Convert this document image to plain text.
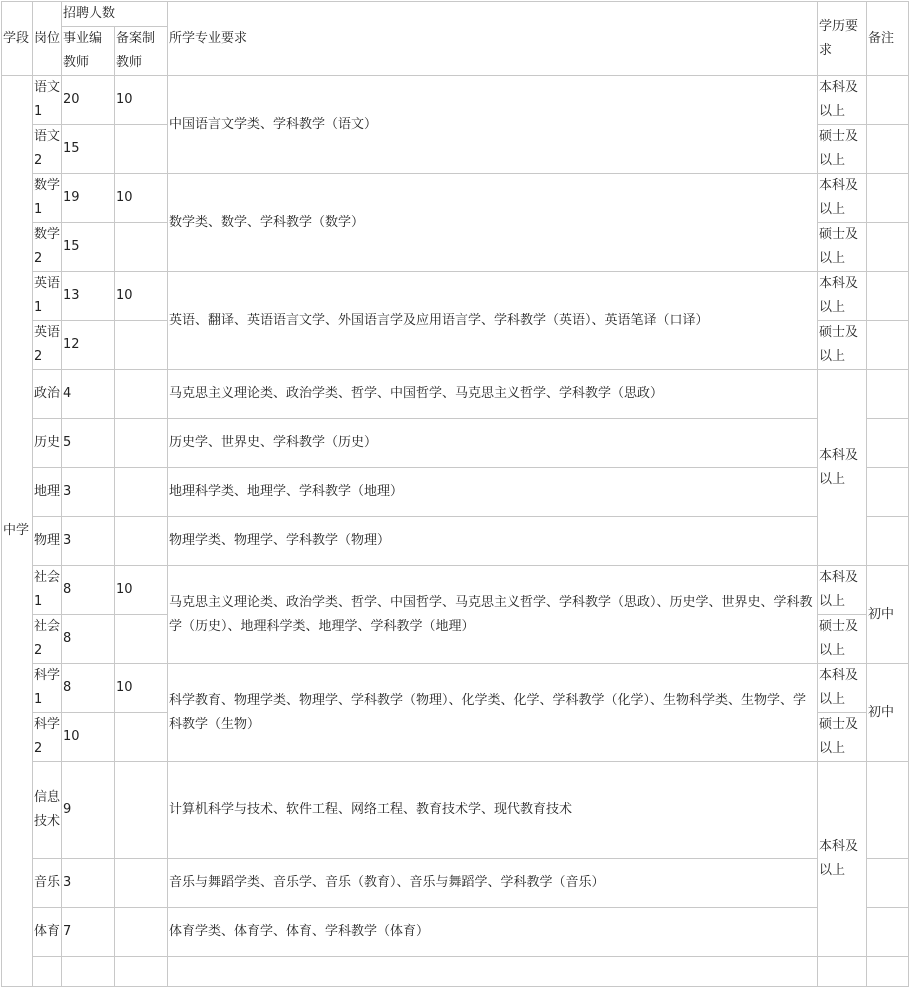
学段	岗位	招聘人数		所学专业要求	学历要求	备注
		事业编教师	备案制教师			

中学	语文1	20	10	中国语言文学类、学科教学（语文）	本科及以上	
	语文2	15			硕士及以上	
	数学1	19	10	数学类、数学、学科教学（数学）	本科及以上	
	数学2	15			硕士及以上	
	英语1	13	10	英语、翻译、英语语言文学、外国语言学及应用语言学、学科教学（英语）、英语笔译（口译）	本科及以上	
	英语2	12			硕士及以上	
	政治	4		马克思主义理论类、政治学类、哲学、中国哲学、马克思主义哲学、学科教学（思政）	本科及以上	
	历史	5		历史学、世界史、学科教学（历史）		
	地理	3		地理科学类、地理学、学科教学（地理）		
	物理	3		物理学类、物理学、学科教学（物理）		
	社会1	8	10	马克思主义理论类、政治学类、哲学、中国哲学、马克思主义哲学、学科教学（思政）、历史学、世界史、学科教学（历史）、地理科学类、地理学、学科教学（地理）	本科及以上	初中
	社会2	8			硕士及以上	
	科学1	8	10	科学教育、物理学类、物理学、学科教学（物理）、化学类、化学、学科教学（化学）、生物科学类、生物学、学科教学（生物）	本科及以上	初中
	科学2	10			硕士及以上	
	信息技术	9		计算机科学与技术、软件工程、网络工程、教育技术学、现代教育技术	本科及以上	
	音乐	3		音乐与舞蹈学类、音乐学、音乐（教育）、音乐与舞蹈学、学科教学（音乐）		
	体育	7		体育学类、体育学、体育、学科教学（体育）		
